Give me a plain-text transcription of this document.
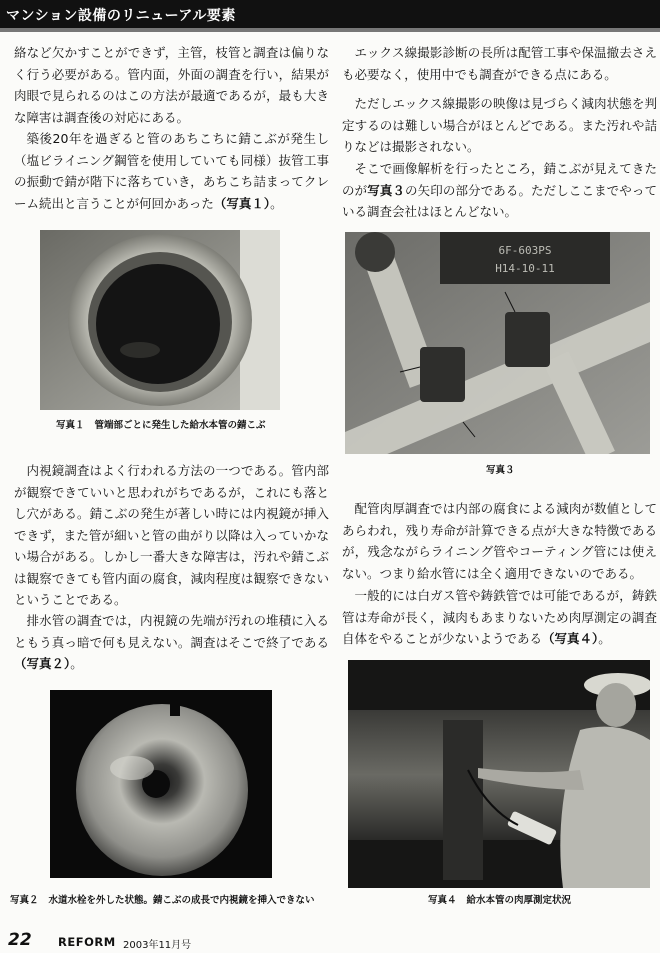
マンション設備のリニューアル要素

絡など欠かすことができず，主管，枝管と調査は偏りなく行う必要がある。管内面，外面の調査を行い，結果が肉眼で見られるのはこの方法が最適であるが，最も大きな障害は調査後の対応にある。

築後20年を過ぎると管のあちこちに錆こぶが発生し（塩ビライニング鋼管を使用していても同様）抜管工事の振動で錆が階下に落ちていき，あちこち詰まってクレーム続出と言うことが何回かあった（写真１）。

写真１ 管端部ごとに発生した給水本管の錆こぶ

内視鏡調査はよく行われる方法の一つである。管内部が観察できていいと思われがちであるが，これにも落とし穴がある。錆こぶの発生が著しい時には内視鏡が挿入できず，また管が細いと管の曲がり以降は入っていかない場合がある。しかし一番大きな障害は，汚れや錆こぶは観察できても管内面の腐食，減肉程度は観察できないということである。

排水管の調査では，内視鏡の先端が汚れの堆積に入るともう真っ暗で何も見えない。調査はそこで終了である（写真２）。

写真２ 水道水栓を外した状態。錆こぶの成長で内視鏡を挿入できない

エックス線撮影診断の長所は配管工事や保温撤去さえも必要なく，使用中でも調査ができる点にある。

ただしエックス線撮影の映像は見づらく減肉状態を判定するのは難しい場合がほとんどである。また汚れや詰りなどは撮影されない。

そこで画像解析を行ったところ，錆こぶが見えてきたのが写真３の矢印の部分である。ただしここまでやっている調査会社はほとんどない。

6F-603PS
H14-10-11
写真３

配管肉厚調査では内部の腐食による減肉が数値としてあらわれ，残り寿命が計算できる点が大きな特徴であるが，残念ながらライニング管やコーティング管には使えない。つまり給水管には全く適用できないのである。

一般的には白ガス管や鋳鉄管では可能であるが，鋳鉄管は寿命が長く，減肉もあまりないため肉厚測定の調査自体をやることが少ないようである（写真４）。

写真４ 給水本管の肉厚測定状況
22 REFORM 2003年11月号
